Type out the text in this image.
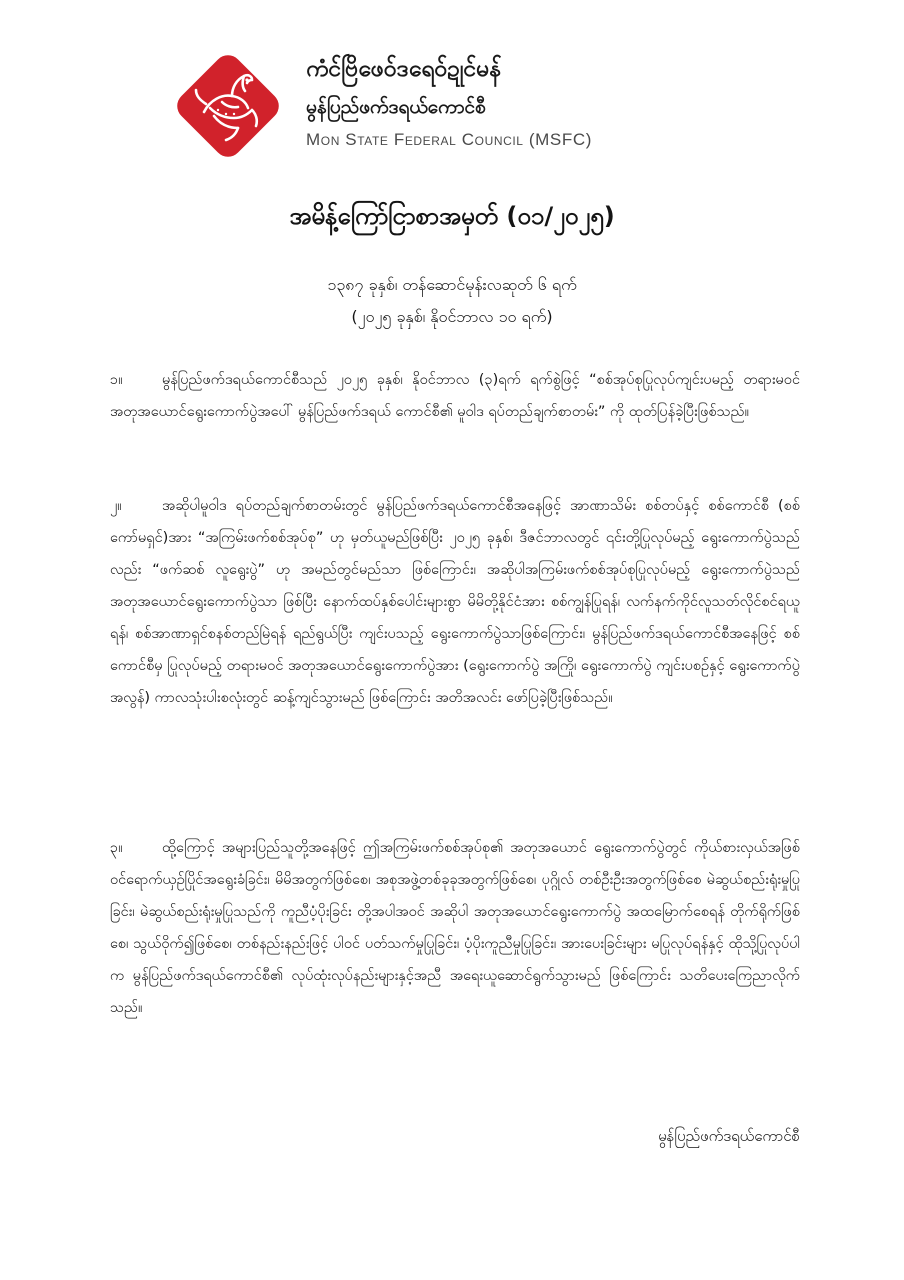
ကံင်ဗြိဖေဝ်ဒရေဝ်ဍုင်မန်
မွန်ပြည်ဖက်ဒရယ်ကောင်စီ
Mon State Federal Council (MSFC)
အမိန့်ကြော်ငြာစာအမှတ် (၀၁/၂၀၂၅)
၁၃၈၇ ခုနှစ်၊ တန်ဆောင်မုန်းလဆုတ် ၆ ရက်
(၂၀၂၅ ခုနှစ်၊ နိုဝင်ဘာလ ၁၀ ရက်)

၁။	မွန်ပြည်ဖက်ဒရယ်ကောင်စီသည် ၂၀၂၅ ခုနှစ်၊ နိုဝင်ဘာလ (၃)ရက် ရက်စွဲဖြင့် “စစ်အုပ်စုပြုလုပ်ကျင်းပမည့် တရားမဝင်အတုအယောင်ရွေးကောက်ပွဲအပေါ် မွန်ပြည်ဖက်ဒရယ် ကောင်စီ၏ မူဝါဒ ရပ်တည်ချက်စာတမ်း” ကို ထုတ်ပြန်ခဲ့ပြီးဖြစ်သည်။

၂။	အဆိုပါမူဝါဒ ရပ်တည်ချက်စာတမ်းတွင် မွန်ပြည်ဖက်ဒရယ်ကောင်စီအနေဖြင့် အာဏာသိမ်း စစ်တပ်နှင့် စစ်ကောင်စီ (စစ်ကော်မရှင်)အား “အကြမ်းဖက်စစ်အုပ်စု” ဟု မှတ်ယူမည်ဖြစ်ပြီး ၂၀၂၅ ခုနှစ်၊ ဒီဇင်ဘာလတွင် ၎င်းတို့ပြုလုပ်မည့် ရွေးကောက်ပွဲသည်လည်း “ဖက်ဆစ် လူရွေးပွဲ” ဟု အမည်တွင်မည်သာ ဖြစ်ကြောင်း၊ အဆိုပါအကြမ်းဖက်စစ်အုပ်စုပြုလုပ်မည့် ရွေးကောက်ပွဲသည် အတုအယောင်ရွေးကောက်ပွဲသာ ဖြစ်ပြီး နောက်ထပ်နှစ်ပေါင်းများစွာ မိမိတို့နိုင်ငံအား စစ်ကျွန်ပြုရန်၊ လက်နက်ကိုင်လူသတ်လိုင်စင်ရယူရန်၊ စစ်အာဏာရှင်စနစ်တည်မြဲရန် ရည်ရွယ်ပြီး ကျင်းပသည့် ရွေးကောက်ပွဲသာဖြစ်ကြောင်း၊ မွန်ပြည်ဖက်ဒရယ်ကောင်စီအနေဖြင့် စစ်ကောင်စီမှ ပြုလုပ်မည့် တရားမဝင် အတုအယောင်ရွေးကောက်ပွဲအား (ရွေးကောက်ပွဲ အကြို၊ ရွေးကောက်ပွဲ ကျင်းပစဉ်နှင့် ရွေးကောက်ပွဲအလွန်) ကာလသုံးပါးစလုံးတွင် ဆန့်ကျင်သွားမည် ဖြစ်ကြောင်း အတိအလင်း ဖော်ပြခဲ့ပြီးဖြစ်သည်။

၃။	ထို့ကြောင့် အများပြည်သူတို့အနေဖြင့် ဤအကြမ်းဖက်စစ်အုပ်စု၏ အတုအယောင် ရွေးကောက်ပွဲတွင် ကိုယ်စားလှယ်အဖြစ် ဝင်ရောက်ယှဉ်ပြိုင်အရွေးခံခြင်း၊ မိမိအတွက်ဖြစ်စေ၊ အစုအဖွဲ့တစ်ခုခုအတွက်ဖြစ်စေ၊ ပုဂ္ဂိုလ် တစ်ဦးဦးအတွက်ဖြစ်စေ မဲဆွယ်စည်းရုံးမှုပြုခြင်း၊ မဲဆွယ်စည်းရုံးမှုပြုသည်ကို ကူညီပံ့ပိုးခြင်း တို့အပါအဝင် အဆိုပါ အတုအယောင်ရွေးကောက်ပွဲ အထမြောက်စေရန် တိုက်ရိုက်ဖြစ်စေ၊ သွယ်ဝိုက်၍ဖြစ်စေ၊ တစ်နည်းနည်းဖြင့် ပါဝင် ပတ်သက်မှုပြုခြင်း၊ ပံ့ပိုးကူညီမှုပြုခြင်း၊ အားပေးခြင်းများ မပြုလုပ်ရန်နှင့် ထိုသို့ပြုလုပ်ပါက မွန်ပြည်ဖက်ဒရယ်ကောင်စီ၏ လုပ်ထုံးလုပ်နည်းများနှင့်အညီ အရေးယူဆောင်ရွက်သွားမည် ဖြစ်ကြောင်း သတိပေးကြေညာလိုက်သည်။

မွန်ပြည်ဖက်ဒရယ်ကောင်စီ
